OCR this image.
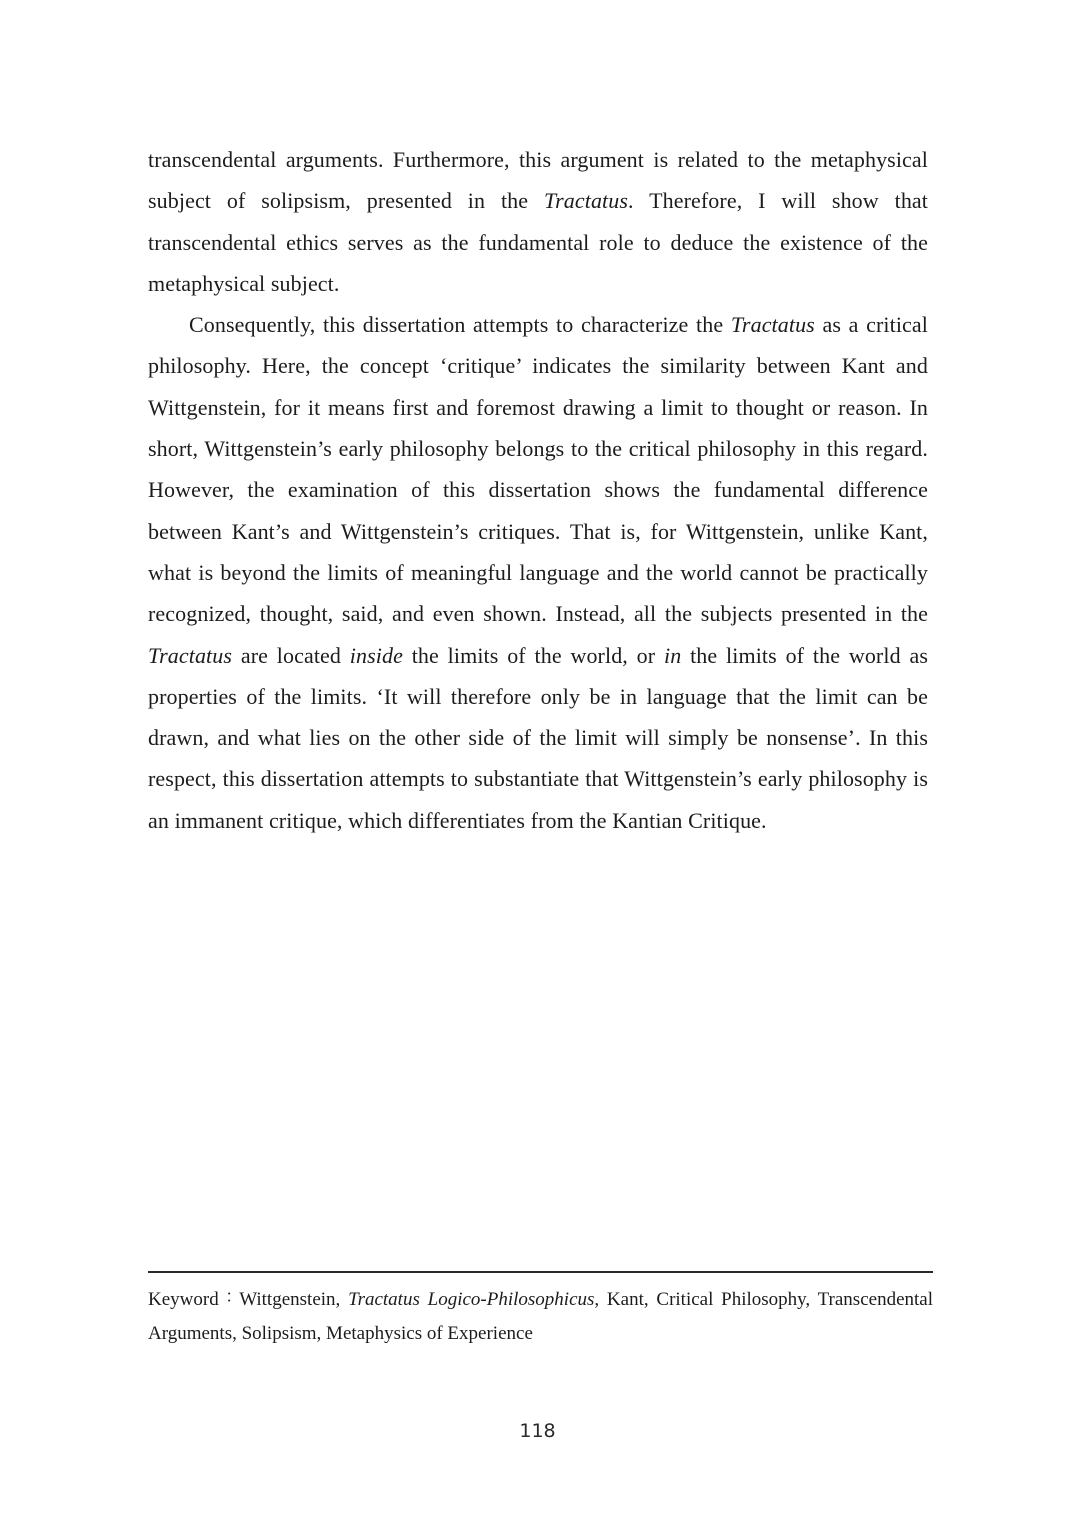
transcendental arguments. Furthermore, this argument is related to the metaphysical subject of solipsism, presented in the Tractatus. Therefore, I will show that transcendental ethics serves as the fundamental role to deduce the existence of the metaphysical subject.

Consequently, this dissertation attempts to characterize the Tractatus as a critical philosophy. Here, the concept ‘critique’ indicates the similarity between Kant and Wittgenstein, for it means first and foremost drawing a limit to thought or reason. In short, Wittgenstein’s early philosophy belongs to the critical philosophy in this regard. However, the examination of this dissertation shows the fundamental difference between Kant’s and Wittgenstein’s critiques. That is, for Wittgenstein, unlike Kant, what is beyond the limits of meaningful language and the world cannot be practically recognized, thought, said, and even shown. Instead, all the subjects presented in the Tractatus are located inside the limits of the world, or in the limits of the world as properties of the limits. ‘It will therefore only be in language that the limit can be drawn, and what lies on the other side of the limit will simply be nonsense’. In this respect, this dissertation attempts to substantiate that Wittgenstein’s early philosophy is an immanent critique, which differentiates from the Kantian Critique.

Keyword ˸ Wittgenstein, Tractatus Logico-Philosophicus, Kant, Critical Philosophy, Transcendental Arguments, Solipsism, Metaphysics of Experience

118
